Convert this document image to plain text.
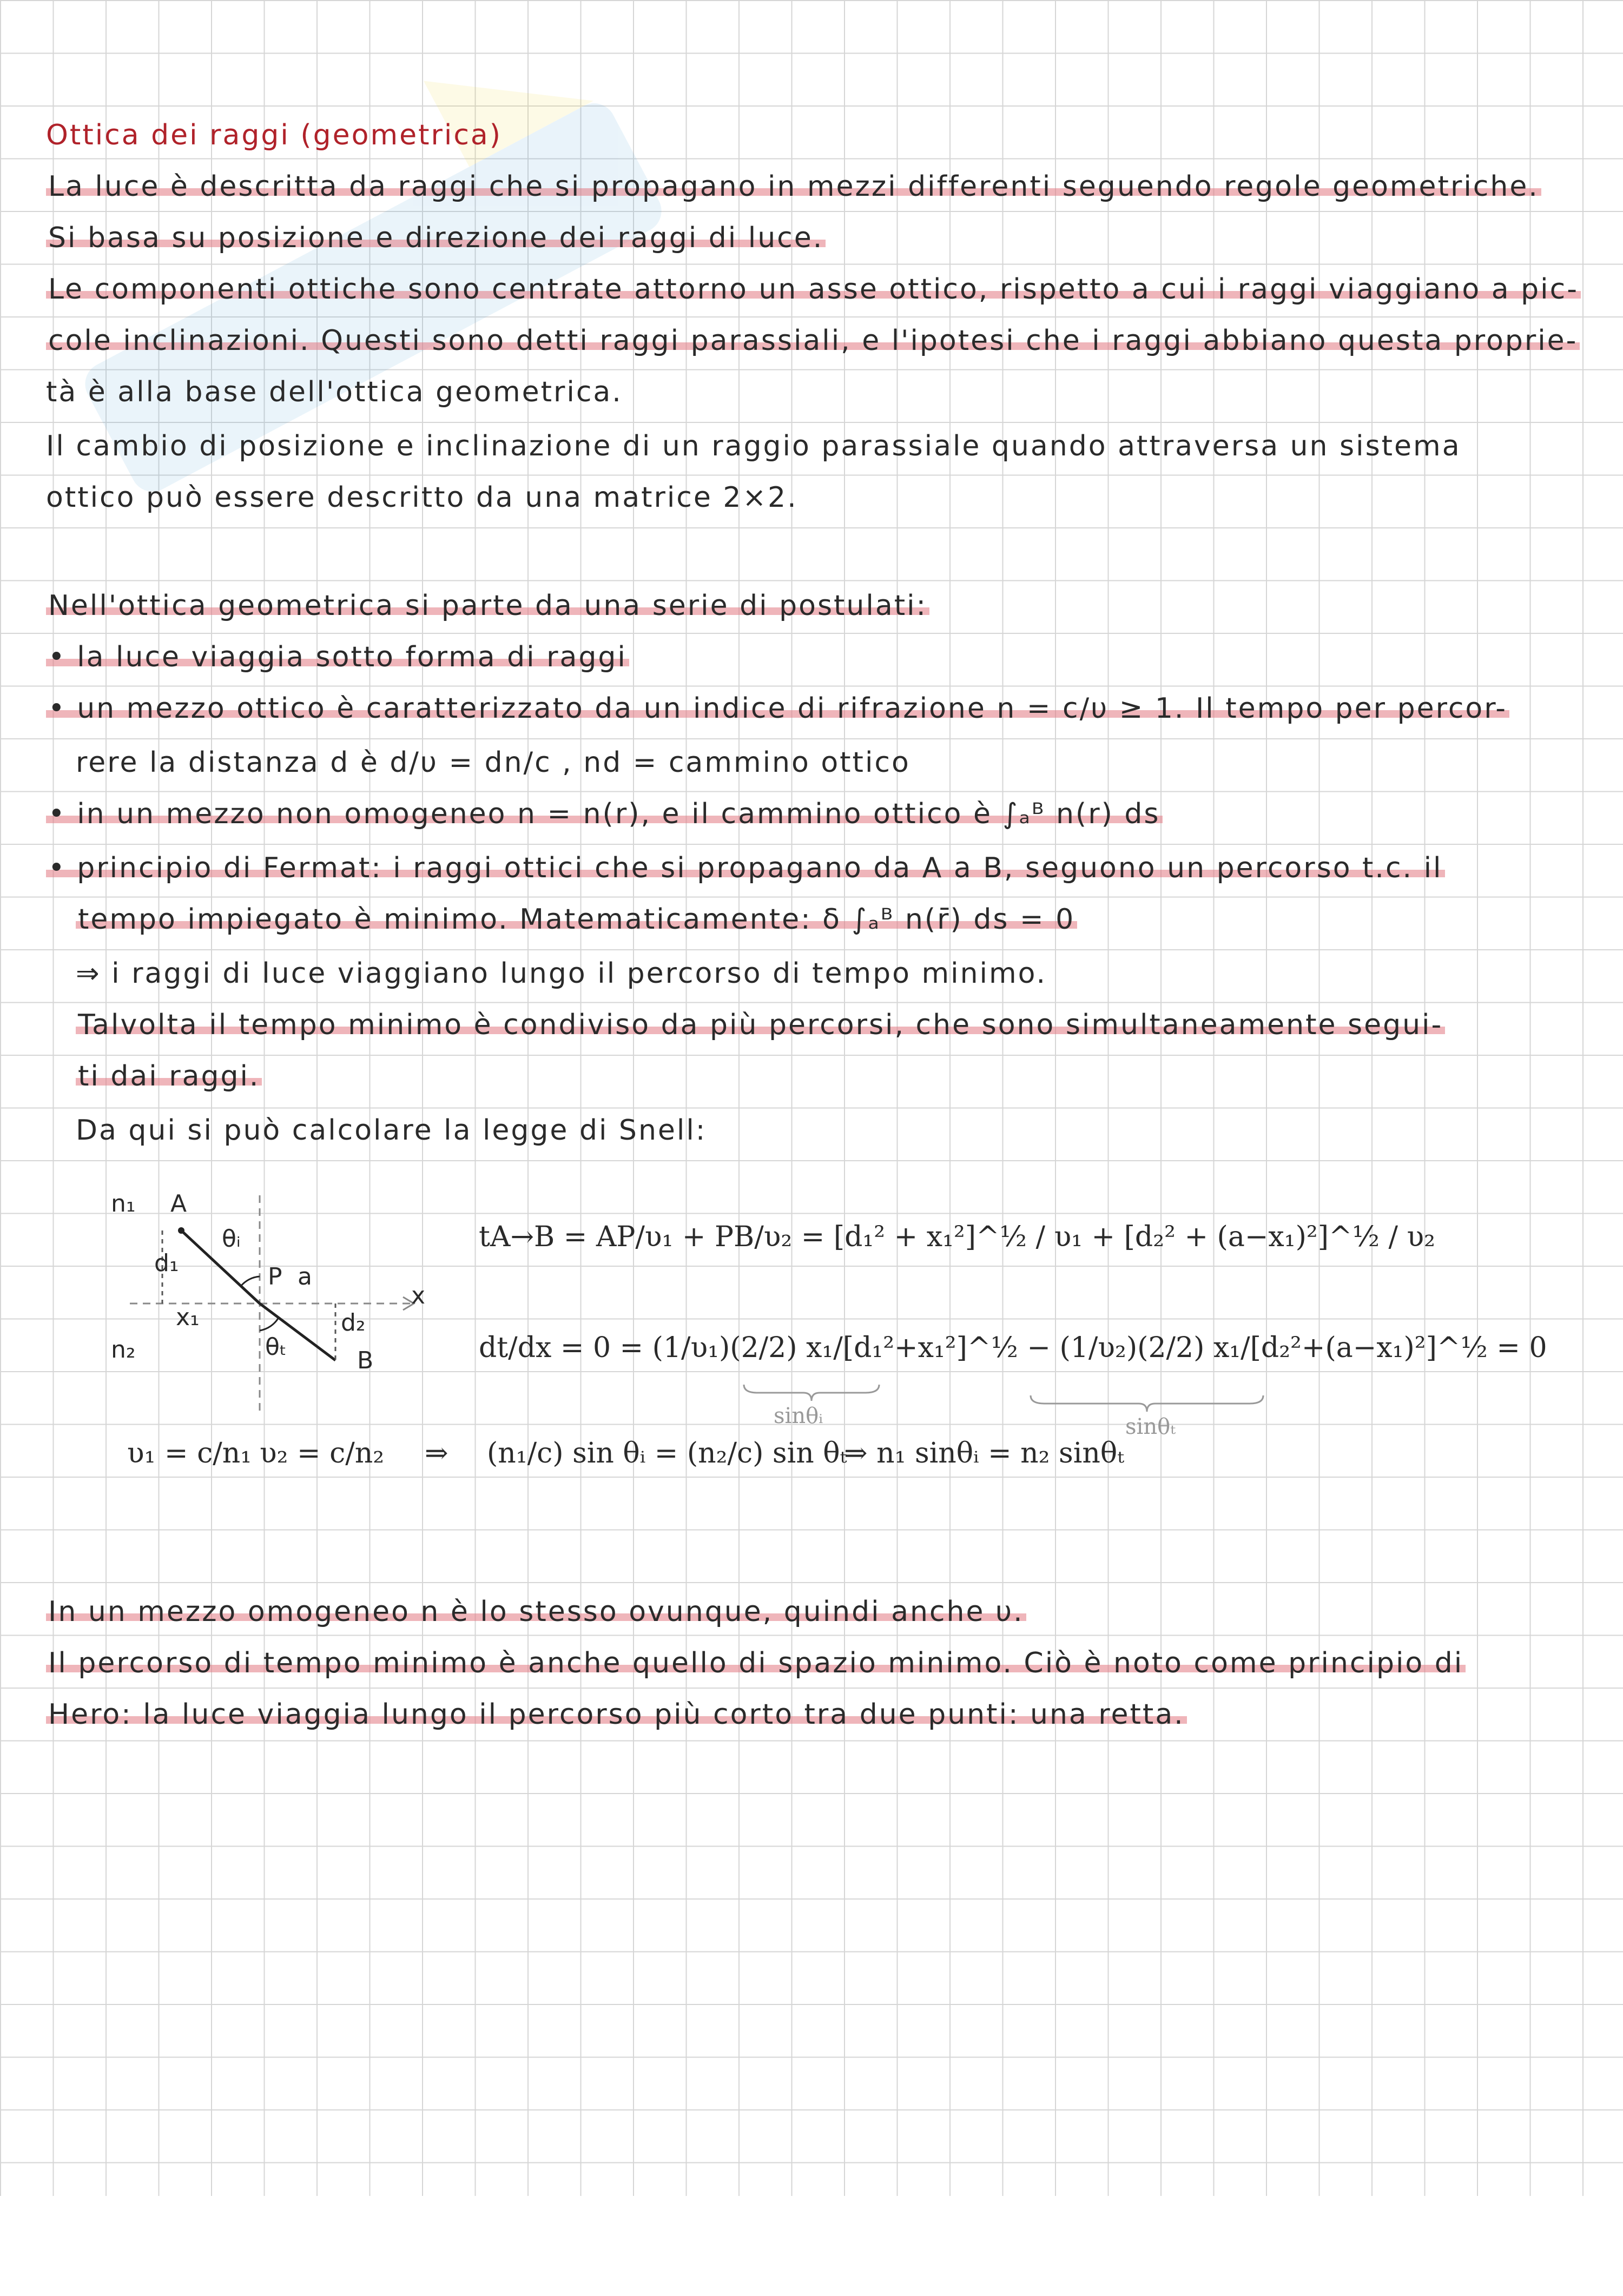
Ottica dei raggi (geometrica)
La luce è descritta da raggi che si propagano in mezzi differenti seguendo regole geometriche.
Si basa su posizione e direzione dei raggi di luce.
Le componenti ottiche sono centrate attorno un asse ottico, rispetto a cui i raggi viaggiano a pic-
cole inclinazioni. Questi sono detti raggi parassiali, e l'ipotesi che i raggi abbiano questa proprie-
tà è alla base dell'ottica geometrica.
Il cambio di posizione e inclinazione di un raggio parassiale quando attraversa un sistema
ottico può essere descritto da una matrice 2×2.
Nell'ottica geometrica si parte da una serie di postulati:
• la luce viaggia sotto forma di raggi
• un mezzo ottico è caratterizzato da un indice di rifrazione n = c/υ ≥ 1. Il tempo per percor-
rere la distanza d è d/υ = dn/c , nd = cammino ottico
• in un mezzo non omogeneo n = n(r), e il cammino ottico è ∫ₐᴮ n(r) ds
• principio di Fermat: i raggi ottici che si propagano da A a B, seguono un percorso t.c. il
tempo impiegato è minimo. Matematicamente: δ ∫ₐᴮ n(r̄) ds = 0
⇒ i raggi di luce viaggiano lungo il percorso di tempo minimo.
Talvolta il tempo minimo è condiviso da più percorsi, che sono simultaneamente segui-
ti dai raggi.
Da qui si può calcolare la legge di Snell:
n₁ A
θᵢ
d₁	P a
x
x₁	d₂
n₂	θₜ	B
tA→B = AP/υ₁ + PB/υ₂ = [d₁² + x₁²]^½ / υ₁ + [d₂² + (a−x₁)²]^½ / υ₂
dt/dx = 0 = (1/υ₁)(2/2) x₁/[d₁²+x₁²]^½ − (1/υ₂)(2/2) x₁/[d₂²+(a−x₁)²]^½ = 0
sinθᵢ	sinθₜ
υ₁ = c/n₁ υ₂ = c/n₂ ⇒ (n₁/c) sin θᵢ = (n₂/c) sin θₜ
⇒ n₁ sinθᵢ = n₂ sinθₜ
In un mezzo omogeneo n è lo stesso ovunque, quindi anche υ.
Il percorso di tempo minimo è anche quello di spazio minimo. Ciò è noto come principio di
Hero: la luce viaggia lungo il percorso più corto tra due punti: una retta.
